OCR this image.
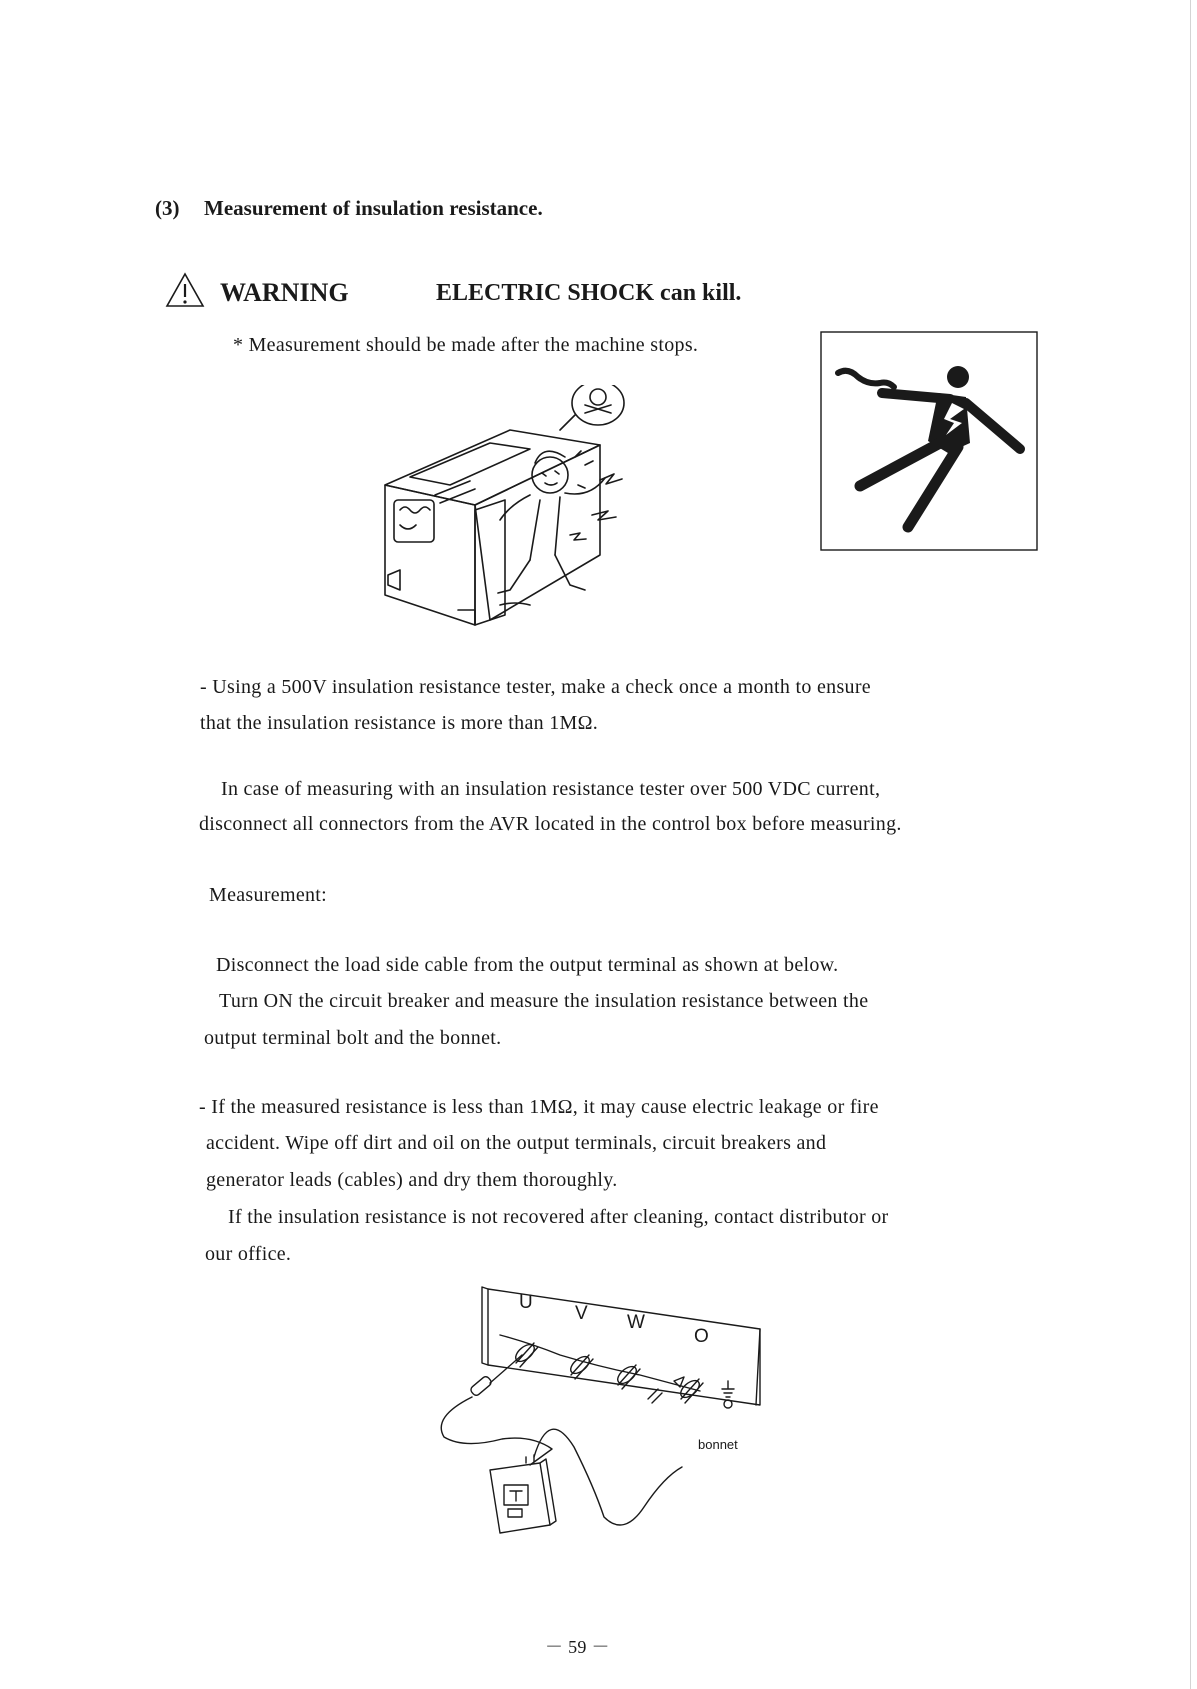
(3) Measurement of insulation resistance.
WARNING	ELECTRIC SHOCK can kill.
* Measurement should be made after the machine stops.
- Using a 500V insulation resistance tester, make a check once a month to ensure
that the insulation resistance is more than 1MΩ.
In case of measuring with an insulation resistance tester over 500 VDC current,
disconnect all connectors from the AVR located in the control box before measuring.
Measurement:
Disconnect the load side cable from the output terminal as shown at below.
Turn ON the circuit breaker and measure the insulation resistance between the
output terminal bolt and the bonnet.
- If the measured resistance is less than 1MΩ, it may cause electric leakage or fire
accident. Wipe off dirt and oil on the output terminals, circuit breakers and
generator leads (cables) and dry them thoroughly.
If the insulation resistance is not recovered after cleaning, contact distributor or
our office.
U
V W
O
bonnet
－ 59 －
